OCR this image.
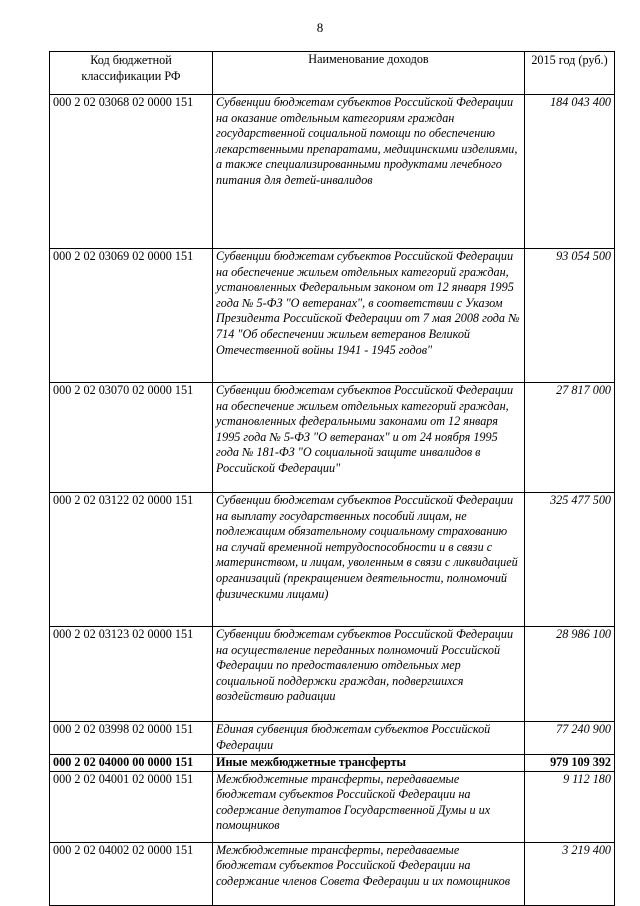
8
Код бюджетной классификации РФ	Наименование доходов	2015 год (руб.)
000 2 02 03068 02 0000 151	Субвенции бюджетам субъектов Российской Федерации на оказание отдельным категориям граждан государственной социальной помощи по обеспечению лекарственными препаратами, медицинскими изделиями, а также специализированными продуктами лечебного питания для детей-инвалидов	184 043 400
000 2 02 03069 02 0000 151	Субвенции бюджетам субъектов Российской Федерации на обеспечение жильем отдельных категорий граждан, установленных Федеральным законом от 12 января 1995 года № 5-ФЗ "О ветеранах", в соответствии с Указом Президента Российской Федерации от 7 мая 2008 года № 714 "Об обеспечении жильем ветеранов Великой Отечественной войны 1941 - 1945 годов"	93 054 500
000 2 02 03070 02 0000 151	Субвенции бюджетам субъектов Российской Федерации на обеспечение жильем отдельных категорий граждан, установленных федеральными законами от 12 января 1995 года № 5-ФЗ "О ветеранах" и от 24 ноября 1995 года № 181-ФЗ "О социальной защите инвалидов в Российской Федерации"	27 817 000
000 2 02 03122 02 0000 151	Субвенции бюджетам субъектов Российской Федерации на выплату государственных пособий лицам, не подлежащим обязательному социальному страхованию на случай временной нетрудоспособности и в связи с материнством, и лицам, уволенным в связи с ликвидацией организаций (прекращением деятельности, полномочий физическими лицами)	325 477 500
000 2 02 03123 02 0000 151	Субвенции бюджетам субъектов Российской Федерации на осуществление переданных полномочий Российской Федерации по предоставлению отдельных мер социальной поддержки граждан, подвергшихся воздействию радиации	28 986 100
000 2 02 03998 02 0000 151	Единая субвенция бюджетам субъектов Российской Федерации	77 240 900
000 2 02 04000 00 0000 151	Иные межбюджетные трансферты	979 109 392
000 2 02 04001 02 0000 151	Межбюджетные трансферты, передаваемые бюджетам субъектов Российской Федерации на содержание депутатов Государственной Думы и их помощников	9 112 180
000 2 02 04002 02 0000 151	Межбюджетные трансферты, передаваемые бюджетам субъектов Российской Федерации на содержание членов Совета Федерации и их помощников	3 219 400
